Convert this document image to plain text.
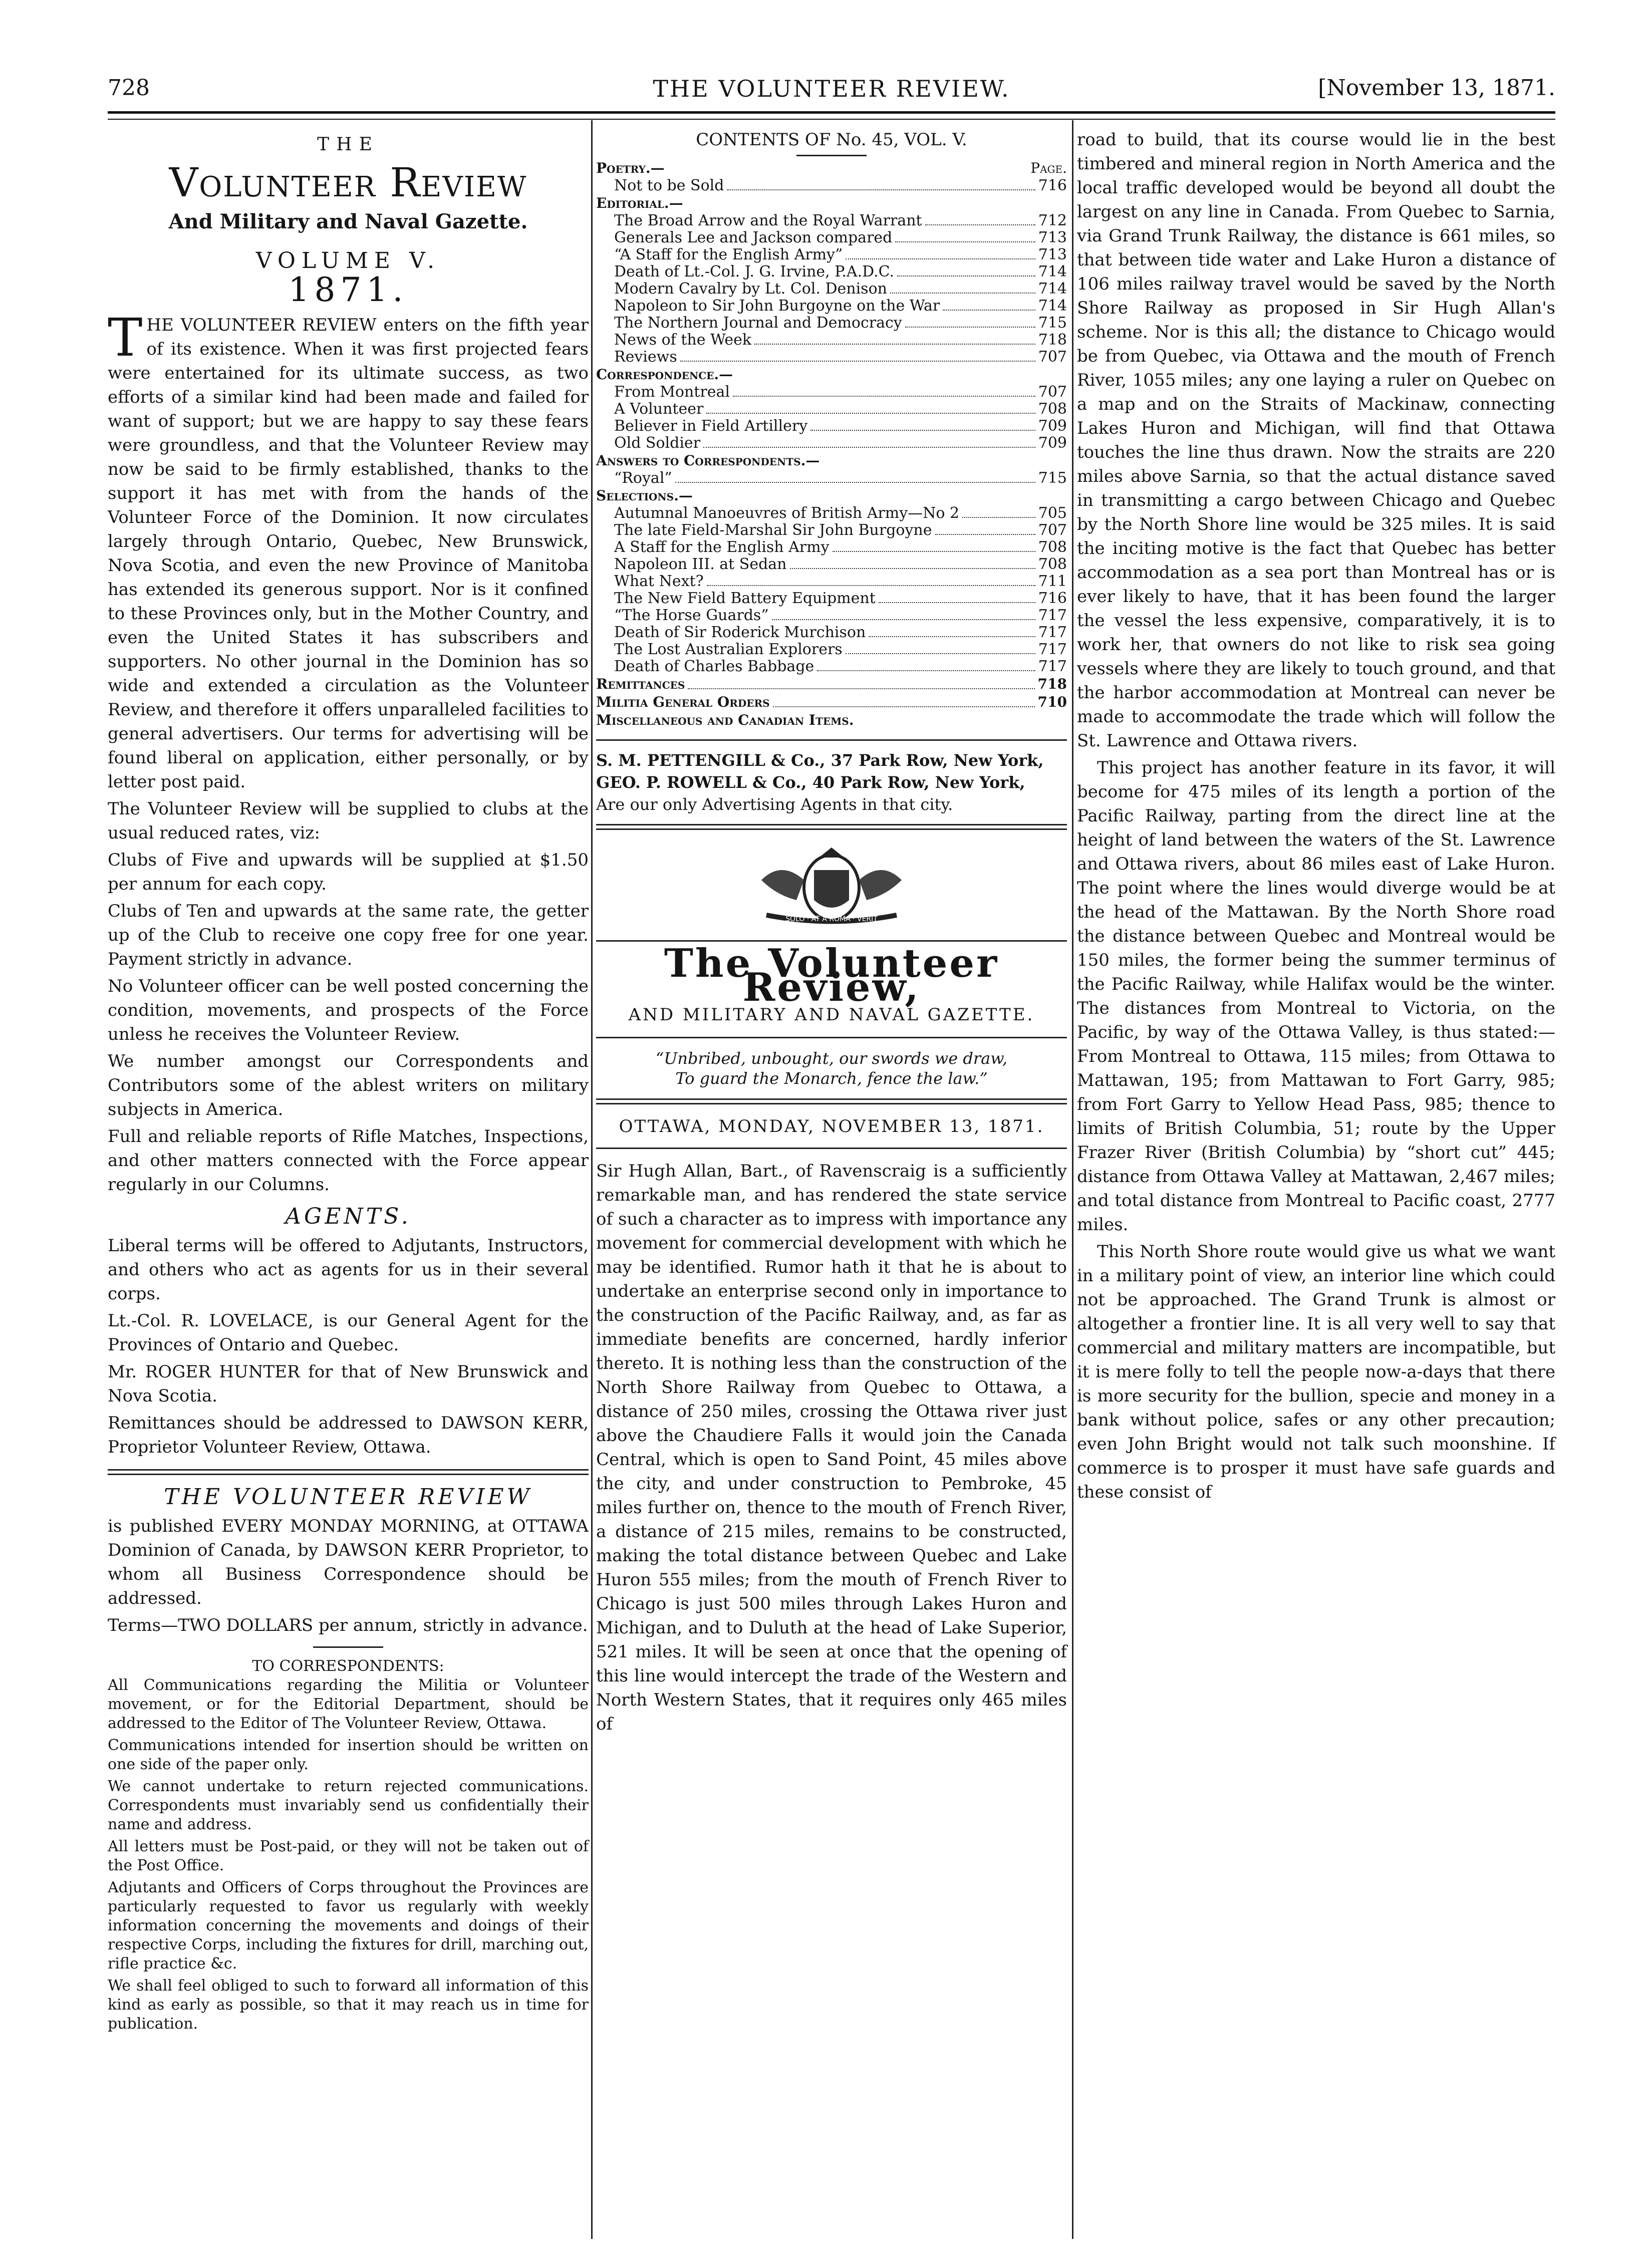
728	THE VOLUNTEER REVIEW.	[November 13, 1871.
THE
Volunteer Review
And Military and Naval Gazette.
VOLUME V.
1871.

THE VOLUNTEER REVIEW enters on the fifth year of its existence. When it was first projected fears were entertained for its ultimate success, as two efforts of a similar kind had been made and failed for want of support; but we are happy to say these fears were groundless, and that the Volunteer Review may now be said to be firmly established, thanks to the support it has met with from the hands of the Volunteer Force of the Dominion. It now circulates largely through Ontario, Quebec, New Brunswick, Nova Scotia, and even the new Province of Manitoba has extended its generous support. Nor is it confined to these Provinces only, but in the Mother Country, and even the United States it has subscribers and supporters. No other journal in the Dominion has so wide and extended a circulation as the Volunteer Review, and therefore it offers unparalleled facilities to general advertisers. Our terms for advertising will be found liberal on application, either personally, or by letter post paid.

The Volunteer Review will be supplied to clubs at the usual reduced rates, viz:

Clubs of Five and upwards will be supplied at $1.50 per annum for each copy.

Clubs of Ten and upwards at the same rate, the getter up of the Club to receive one copy free for one year. Payment strictly in advance.

No Volunteer officer can be well posted concerning the condition, movements, and prospects of the Force unless he receives the Volunteer Review.

We number amongst our Correspondents and Contributors some of the ablest writers on military subjects in America.

Full and reliable reports of Rifle Matches, Inspections, and other matters connected with the Force appear regularly in our Columns.

AGENTS.

Liberal terms will be offered to Adjutants, Instructors, and others who act as agents for us in their several corps.

Lt.-Col. R. LOVELACE, is our General Agent for the Provinces of Ontario and Quebec.

Mr. ROGER HUNTER for that of New Brunswick and Nova Scotia.

Remittances should be addressed to DAWSON KERR, Proprietor Volunteer Review, Ottawa.

THE VOLUNTEER REVIEW

is published EVERY MONDAY MORNING, at OTTAWA Dominion of Canada, by DAWSON KERR Proprietor, to whom all Business Correspondence should be addressed.

Terms—TWO DOLLARS per annum, strictly in advance.

TO CORRESPONDENTS:

All Communications regarding the Militia or Volunteer movement, or for the Editorial Department, should be addressed to the Editor of The Volunteer Review, Ottawa.

Communications intended for insertion should be written on one side of the paper only.

We cannot undertake to return rejected communications. Correspondents must invariably send us confidentially their name and address.

All letters must be Post-paid, or they will not be taken out of the Post Office.

Adjutants and Officers of Corps throughout the Provinces are particularly requested to favor us regularly with weekly information concerning the movements and doings of their respective Corps, including the fixtures for drill, marching out, rifle practice &c.

We shall feel obliged to such to forward all information of this kind as early as possible, so that it may reach us in time for publication.

CONTENTS OF No. 45, VOL. V.
Poetry.—	Page.
Not to be Sold	716
Editorial.—
The Broad Arrow and the Royal Warrant	712
Generals Lee and Jackson compared	713
“A Staff for the English Army”	713
Death of Lt.-Col. J. G. Irvine, P.A.D.C.	714
Modern Cavalry by Lt. Col. Denison	714
Napoleon to Sir John Burgoyne on the War	714
The Northern Journal and Democracy	715
News of the Week	718
Reviews	707
Correspondence.—
From Montreal	707
A Volunteer	708
Believer in Field Artillery	709
Old Soldier	709
Answers to Correspondents.—
“Royal”	715
Selections.—
Autumnal Manoeuvres of British Army—No 2	705
The late Field-Marshal Sir John Burgoyne	707
A Staff for the English Army	708
Napoleon III. at Sedan	708
What Next?	711
The New Field Battery Equipment	716
“The Horse Guards”	717
Death of Sir Roderick Murchison	717
The Lost Australian Explorers	717
Death of Charles Babbage	717
Remittances	718
Militia General Orders	710
Miscellaneous and Canadian Items.

S. M. PETTENGILL & Co., 37 Park Row, New York,

GEO. P. ROWELL & Co., 40 Park Row, New York,

Are our only Advertising Agents in that city.

SOLO · AT A ROMA · VERIT
The Volunteer Review,
AND MILITARY AND NAVAL GAZETTE.
“Unbribed, unbought, our swords we draw,
To guard the Monarch, fence the law.”
OTTAWA, MONDAY, NOVEMBER 13, 1871.

Sir Hugh Allan, Bart., of Ravenscraig is a sufficiently remarkable man, and has rendered the state service of such a character as to impress with importance any movement for commercial development with which he may be identified. Rumor hath it that he is about to undertake an enterprise second only in importance to the construction of the Pacific Railway, and, as far as immediate benefits are concerned, hardly inferior thereto. It is nothing less than the construction of the North Shore Railway from Quebec to Ottawa, a distance of 250 miles, crossing the Ottawa river just above the Chaudiere Falls it would join the Canada Central, which is open to Sand Point, 45 miles above the city, and under construction to Pembroke, 45 miles further on, thence to the mouth of French River, a distance of 215 miles, remains to be constructed, making the total distance between Quebec and Lake Huron 555 miles; from the mouth of French River to Chicago is just 500 miles through Lakes Huron and Michigan, and to Duluth at the head of Lake Superior, 521 miles. It will be seen at once that the opening of this line would intercept the trade of the Western and North Western States, that it requires only 465 miles of

road to build, that its course would lie in the best timbered and mineral region in North America and the local traffic developed would be beyond all doubt the largest on any line in Canada. From Quebec to Sarnia, via Grand Trunk Railway, the distance is 661 miles, so that between tide water and Lake Huron a distance of 106 miles railway travel would be saved by the North Shore Railway as proposed in Sir Hugh Allan's scheme. Nor is this all; the distance to Chicago would be from Quebec, via Ottawa and the mouth of French River, 1055 miles; any one laying a ruler on Quebec on a map and on the Straits of Mackinaw, connecting Lakes Huron and Michigan, will find that Ottawa touches the line thus drawn. Now the straits are 220 miles above Sarnia, so that the actual distance saved in transmitting a cargo between Chicago and Quebec by the North Shore line would be 325 miles. It is said the inciting motive is the fact that Quebec has better accommodation as a sea port than Montreal has or is ever likely to have, that it has been found the larger the vessel the less expensive, comparatively, it is to work her, that owners do not like to risk sea going vessels where they are likely to touch ground, and that the harbor accommodation at Montreal can never be made to accommodate the trade which will follow the St. Lawrence and Ottawa rivers.

This project has another feature in its favor, it will become for 475 miles of its length a portion of the Pacific Railway, parting from the direct line at the height of land between the waters of the St. Lawrence and Ottawa rivers, about 86 miles east of Lake Huron. The point where the lines would diverge would be at the head of the Mattawan. By the North Shore road the distance between Quebec and Montreal would be 150 miles, the former being the summer terminus of the Pacific Railway, while Halifax would be the winter. The distances from Montreal to Victoria, on the Pacific, by way of the Ottawa Valley, is thus stated:—From Montreal to Ottawa, 115 miles; from Ottawa to Mattawan, 195; from Mattawan to Fort Garry, 985; from Fort Garry to Yellow Head Pass, 985; thence to limits of British Columbia, 51; route by the Upper Frazer River (British Columbia) by “short cut” 445; distance from Ottawa Valley at Mattawan, 2,467 miles; and total distance from Montreal to Pacific coast, 2777 miles.

This North Shore route would give us what we want in a military point of view, an interior line which could not be approached. The Grand Trunk is almost or altogether a frontier line. It is all very well to say that commercial and military matters are incompatible, but it is mere folly to tell the people now-a-days that there is more security for the bullion, specie and money in a bank without police, safes or any other precaution; even John Bright would not talk such moonshine. If commerce is to prosper it must have safe guards and these consist of
